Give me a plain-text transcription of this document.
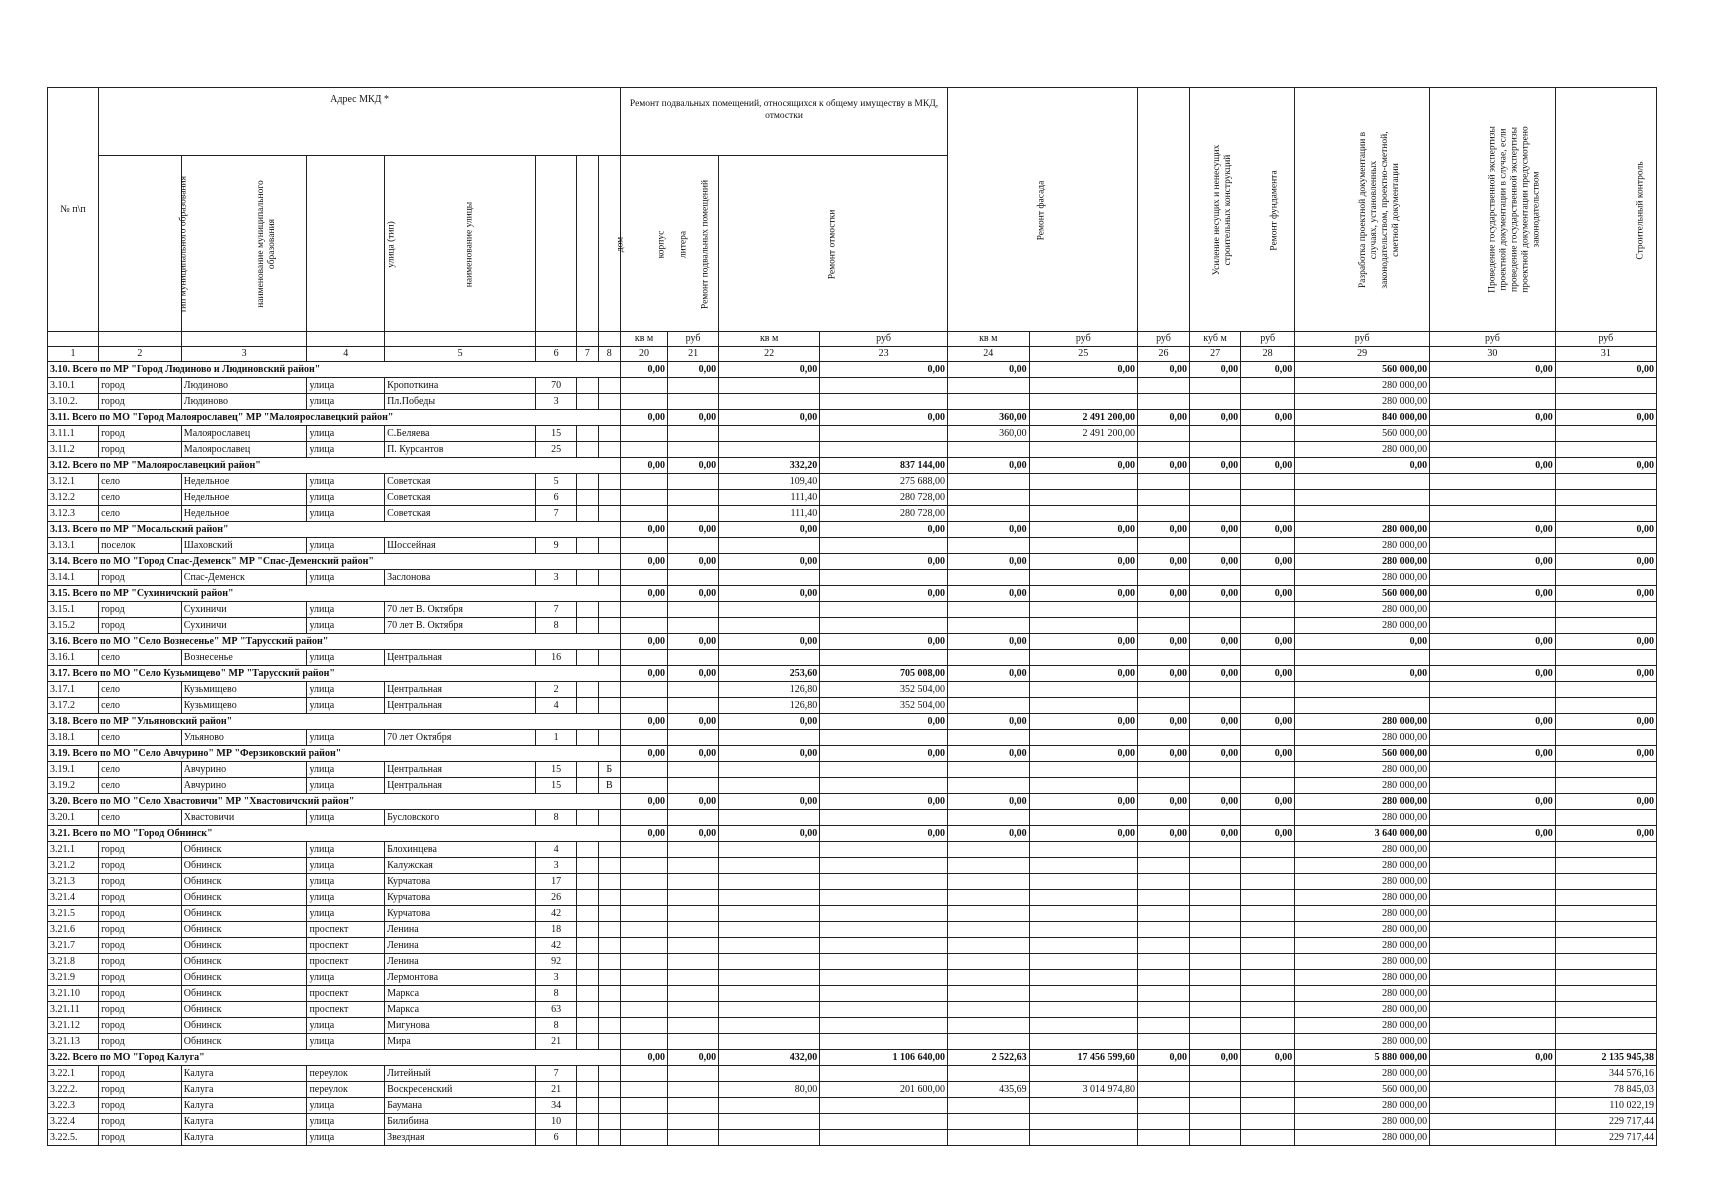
№ п\п	Адрес МКД *							Ремонт подвальных помещений, относящихся к общему имуществу в МКД, отмостки				Ремонт фасада		Усиление несущих и ненесущих строительных конструкций	Ремонт фундамента		Разработка проектной документации в случаях, установленных законодательством, проектно-сметной, сметной документации	Проведение государственной экспертизы проектной документации в случае, если проведение государственной экспертизы проектной документации предусмотрено законодательством	Строительный контроль
	тип муниципального образования	наименование муниципального образования	улица (тип)	наименование улицы	дом	корпус	литера	Ремонт подвальных помещений		Ремонт отмостки									
								кв м	руб	кв м	руб	кв м	руб	руб	куб м	руб	руб	руб	руб
1	2	3	4	5	6	7	8	20	21	22	23	24	25	26	27	28	29	30	31
3.10. Всего по МР "Город Людиново и Людиновский район"								0,00	0,00	0,00	0,00	0,00	0,00	0,00	0,00	0,00	560 000,00	0,00	0,00
3.10.1	город	Людиново	улица	Кропоткина	70												280 000,00		
3.10.2.	город	Людиново	улица	Пл.Победы	3												280 000,00		
3.11. Всего по МО "Город Малоярославец" МР "Малоярославецкий район"								0,00	0,00	0,00	0,00	360,00	2 491 200,00	0,00	0,00	0,00	840 000,00	0,00	0,00
3.11.1	город	Малоярославец	улица	С.Беляева	15							360,00	2 491 200,00				560 000,00		
3.11.2	город	Малоярославец	улица	П. Курсантов	25												280 000,00		
3.12. Всего по МР "Малоярославецкий район"								0,00	0,00	332,20	837 144,00	0,00	0,00	0,00	0,00	0,00	0,00	0,00	0,00
3.12.1	село	Недельное	улица	Советская	5					109,40	275 688,00								
3.12.2	село	Недельное	улица	Советская	6					111,40	280 728,00								
3.12.3	село	Недельное	улица	Советская	7					111,40	280 728,00								
3.13. Всего по МР "Мосальский район"								0,00	0,00	0,00	0,00	0,00	0,00	0,00	0,00	0,00	280 000,00	0,00	0,00
3.13.1	поселок	Шаховский	улица	Шоссейная	9												280 000,00		
3.14. Всего по МО "Город Спас-Деменск" МР "Спас-Деменский район"								0,00	0,00	0,00	0,00	0,00	0,00	0,00	0,00	0,00	280 000,00	0,00	0,00
3.14.1	город	Спас-Деменск	улица	Заслонова	3												280 000,00		
3.15. Всего по МР "Сухиничский район"								0,00	0,00	0,00	0,00	0,00	0,00	0,00	0,00	0,00	560 000,00	0,00	0,00
3.15.1	город	Сухиничи	улица	70 лет В. Октября	7												280 000,00		
3.15.2	город	Сухиничи	улица	70 лет В. Октября	8												280 000,00		
3.16. Всего по МО "Село Вознесенье" МР "Тарусский район"								0,00	0,00	0,00	0,00	0,00	0,00	0,00	0,00	0,00	0,00	0,00	0,00
3.16.1	село	Вознесенье	улица	Центральная	16														
3.17. Всего по МО "Село Кузьмищево" МР "Тарусский район"								0,00	0,00	253,60	705 008,00	0,00	0,00	0,00	0,00	0,00	0,00	0,00	0,00
3.17.1	село	Кузьмищево	улица	Центральная	2					126,80	352 504,00								
3.17.2	село	Кузьмищево	улица	Центральная	4					126,80	352 504,00								
3.18. Всего по МР "Ульяновский район"								0,00	0,00	0,00	0,00	0,00	0,00	0,00	0,00	0,00	280 000,00	0,00	0,00
3.18.1	село	Ульяново	улица	70 лет Октября	1												280 000,00		
3.19. Всего по МО "Село Авчурино" МР "Ферзиковский район"								0,00	0,00	0,00	0,00	0,00	0,00	0,00	0,00	0,00	560 000,00	0,00	0,00
3.19.1	село	Авчурино	улица	Центральная	15		Б										280 000,00		
3.19.2	село	Авчурино	улица	Центральная	15		В										280 000,00		
3.20. Всего по МО "Село Хвастовичи" МР "Хвастовичский район"								0,00	0,00	0,00	0,00	0,00	0,00	0,00	0,00	0,00	280 000,00	0,00	0,00
3.20.1	село	Хвастовичи	улица	Бусловского	8												280 000,00		
3.21. Всего по МО "Город Обнинск"								0,00	0,00	0,00	0,00	0,00	0,00	0,00	0,00	0,00	3 640 000,00	0,00	0,00
3.21.1	город	Обнинск	улица	Блохинцева	4												280 000,00		
3.21.2	город	Обнинск	улица	Калужская	3												280 000,00		
3.21.3	город	Обнинск	улица	Курчатова	17												280 000,00		
3.21.4	город	Обнинск	улица	Курчатова	26												280 000,00		
3.21.5	город	Обнинск	улица	Курчатова	42												280 000,00		
3.21.6	город	Обнинск	проспект	Ленина	18												280 000,00		
3.21.7	город	Обнинск	проспект	Ленина	42												280 000,00		
3.21.8	город	Обнинск	проспект	Ленина	92												280 000,00		
3.21.9	город	Обнинск	улица	Лермонтова	3												280 000,00		
3.21.10	город	Обнинск	проспект	Маркса	8												280 000,00		
3.21.11	город	Обнинск	проспект	Маркса	63												280 000,00		
3.21.12	город	Обнинск	улица	Мигунова	8												280 000,00		
3.21.13	город	Обнинск	улица	Мира	21												280 000,00		
3.22. Всего по МО "Город Калуга"								0,00	0,00	432,00	1 106 640,00	2 522,63	17 456 599,60	0,00	0,00	0,00	5 880 000,00	0,00	2 135 945,38
3.22.1	город	Калуга	переулок	Литейный	7												280 000,00		344 576,16
3.22.2.	город	Калуга	переулок	Воскресенский	21					80,00	201 600,00	435,69	3 014 974,80				560 000,00		78 845,03
3.22.3	город	Калуга	улица	Баумана	34												280 000,00		110 022,19
3.22.4	город	Калуга	улица	Билибина	10												280 000,00		229 717,44
3.22.5.	город	Калуга	улица	Звездная	6												280 000,00		229 717,44
